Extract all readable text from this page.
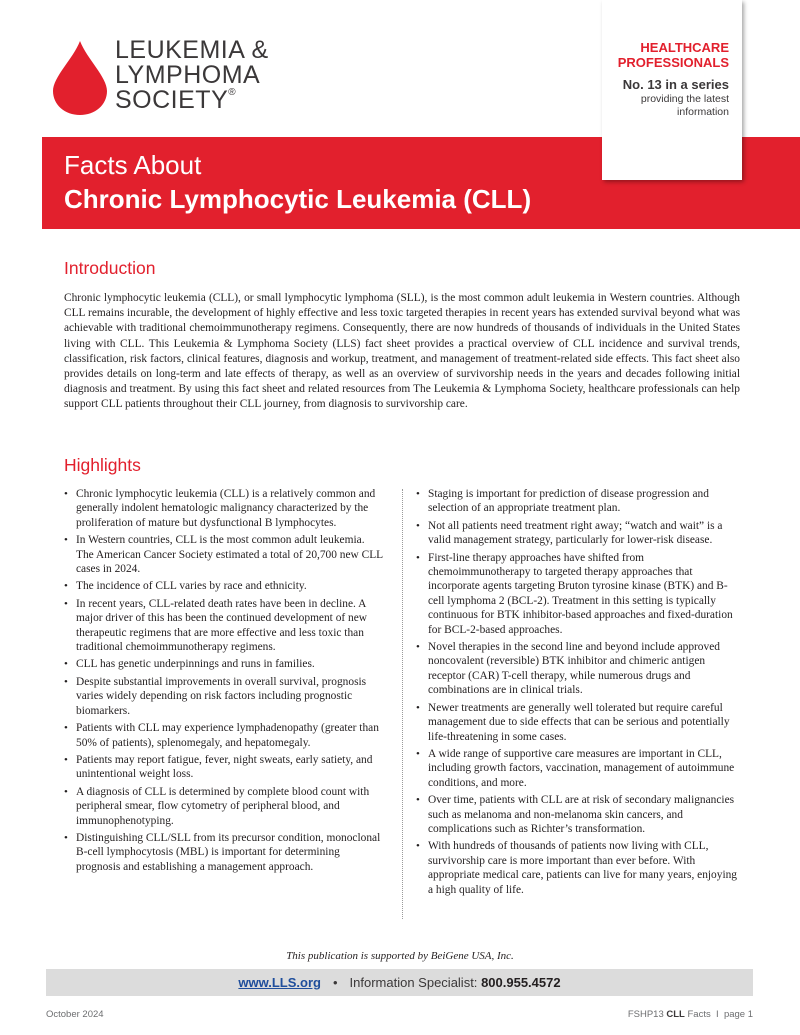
LEUKEMIA &
LYMPHOMA
SOCIETY®
HEALTHCARE PROFESSIONALS
No. 13 in a series
providing the latest information
Facts About
Chronic Lymphocytic Leukemia (CLL)
Introduction

Chronic lymphocytic leukemia (CLL), or small lymphocytic lymphoma (SLL), is the most common adult leukemia in Western countries. Although CLL remains incurable, the development of highly effective and less toxic targeted therapies in recent years has extended survival beyond what was achievable with traditional chemoimmunotherapy regimens. Consequently, there are now hundreds of thousands of individuals in the United States living with CLL. This Leukemia & Lymphoma Society (LLS) fact sheet provides a practical overview of CLL incidence and survival trends, classification, risk factors, clinical features, diagnosis and workup, treatment, and management of treatment-related side effects. This fact sheet also provides details on long-term and late effects of therapy, as well as an overview of survivorship needs in the years and decades following initial diagnosis and treatment. By using this fact sheet and related resources from The Leukemia & Lymphoma Society, healthcare professionals can help support CLL patients throughout their CLL journey, from diagnosis to survivorship care.

Highlights
• Chronic lymphocytic leukemia (CLL) is a relatively common and generally indolent hematologic malignancy characterized by the proliferation of mature but dysfunctional B lymphocytes.
• In Western countries, CLL is the most common adult leukemia. The American Cancer Society estimated a total of 20,700 new CLL cases in 2024.
• The incidence of CLL varies by race and ethnicity.
• In recent years, CLL-related death rates have been in decline. A major driver of this has been the continued development of new therapeutic regimens that are more effective and less toxic than traditional chemoimmunotherapy regimens.
• CLL has genetic underpinnings and runs in families.
• Despite substantial improvements in overall survival, prognosis varies widely depending on risk factors including prognostic biomarkers.
• Patients with CLL may experience lymphadenopathy (greater than 50% of patients), splenomegaly, and hepatomegaly.
• Patients may report fatigue, fever, night sweats, early satiety, and unintentional weight loss.
• A diagnosis of CLL is determined by complete blood count with peripheral smear, flow cytometry of peripheral blood, and immunophenotyping.
• Distinguishing CLL/SLL from its precursor condition, monoclonal B-cell lymphocytosis (MBL) is important for determining prognosis and establishing a management approach.
• Staging is important for prediction of disease progression and selection of an appropriate treatment plan.
• Not all patients need treatment right away; “watch and wait” is a valid management strategy, particularly for lower-risk disease.
• First-line therapy approaches have shifted from chemoimmunotherapy to targeted therapy approaches that incorporate agents targeting Bruton tyrosine kinase (BTK) and B-cell lymphoma 2 (BCL-2). Treatment in this setting is typically continuous for BTK inhibitor-based approaches and fixed-duration for BCL-2-based approaches.
• Novel therapies in the second line and beyond include approved noncovalent (reversible) BTK inhibitor and chimeric antigen receptor (CAR) T-cell therapy, while numerous drugs and combinations are in clinical trials.
• Newer treatments are generally well tolerated but require careful management due to side effects that can be serious and potentially life-threatening in some cases.
• A wide range of supportive care measures are important in CLL, including growth factors, vaccination, management of autoimmune conditions, and more.
• Over time, patients with CLL are at risk of secondary malignancies such as melanoma and non-melanoma skin cancers, and complications such as Richter’s transformation.
• With hundreds of thousands of patients now living with CLL, survivorship care is more important than ever before. With appropriate medical care, patients can live for many years, enjoying a high quality of life.
This publication is supported by BeiGene USA, Inc.
www.LLS.org • Information Specialist: 800.955.4572
October 2024	FSHP13 CLL Facts I page 1
